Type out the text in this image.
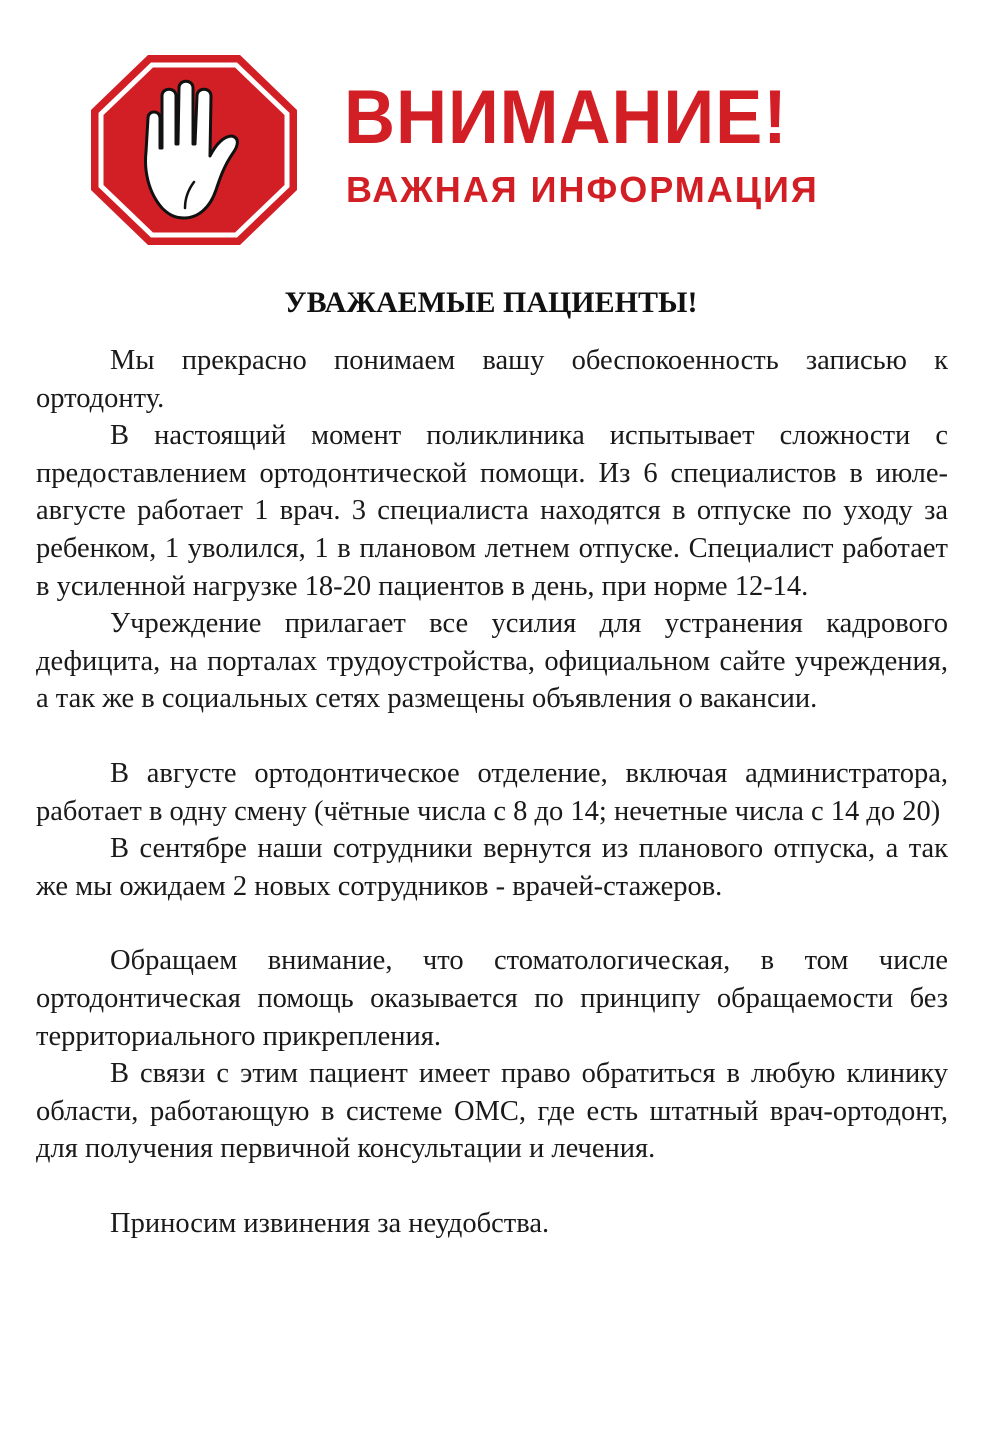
ВНИМАНИЕ!
ВАЖНАЯ ИНФОРМАЦИЯ
УВАЖАЕМЫЕ ПАЦИЕНТЫ!

Мы прекрасно понимаем вашу обеспокоенность записью к ортодонту.

В настоящий момент поликлиника испытывает сложности с предоставлением ортодонтической помощи. Из 6 специалистов в июле-августе работает 1 врач. 3 специалиста находятся в отпуске по уходу за ребенком, 1 уволился, 1 в плановом летнем отпуске. Специалист работает в усиленной нагрузке 18-20 пациентов в день, при норме 12-14.

Учреждение прилагает все усилия для устранения кадрового дефицита, на порталах трудоустройства, официальном сайте учреждения, а так же в социальных сетях размещены объявления о вакансии.

В августе ортодонтическое отделение, включая администратора, работает в одну смену (чётные числа с 8 до 14; нечетные числа с 14 до 20)

В сентябре наши сотрудники вернутся из планового отпуска, а так же мы ожидаем 2 новых сотрудников - врачей-стажеров.

Обращаем внимание, что стоматологическая, в том числе ортодонтическая помощь оказывается по принципу обращаемости без территориального прикрепления.

В связи с этим пациент имеет право обратиться в любую клинику области, работающую в системе ОМС, где есть штатный врач-ортодонт, для получения первичной консультации и лечения.

Приносим извинения за неудобства.
